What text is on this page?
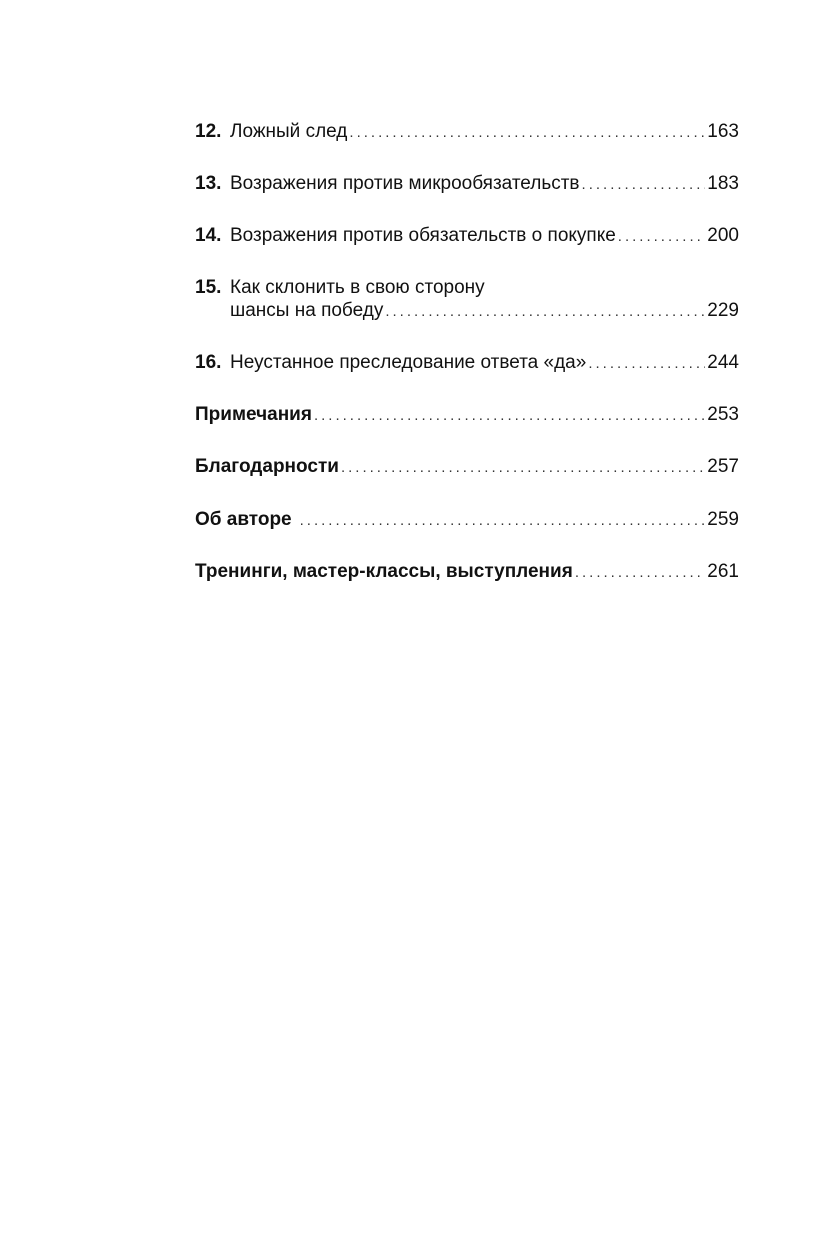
12. Ложный след .....	163
13. Возражения против микрообязательств .....	183
14. Возражения против обязательств о покупке .....	200
15. Как склонить в свою сторону
шансы на победу .....	229
16. Неустанное преследование ответа «да» .....	244
Примечания .....	253
Благодарности .....	257
Об авторе .....	259
Тренинги, мастер-классы, выступления .....	261
